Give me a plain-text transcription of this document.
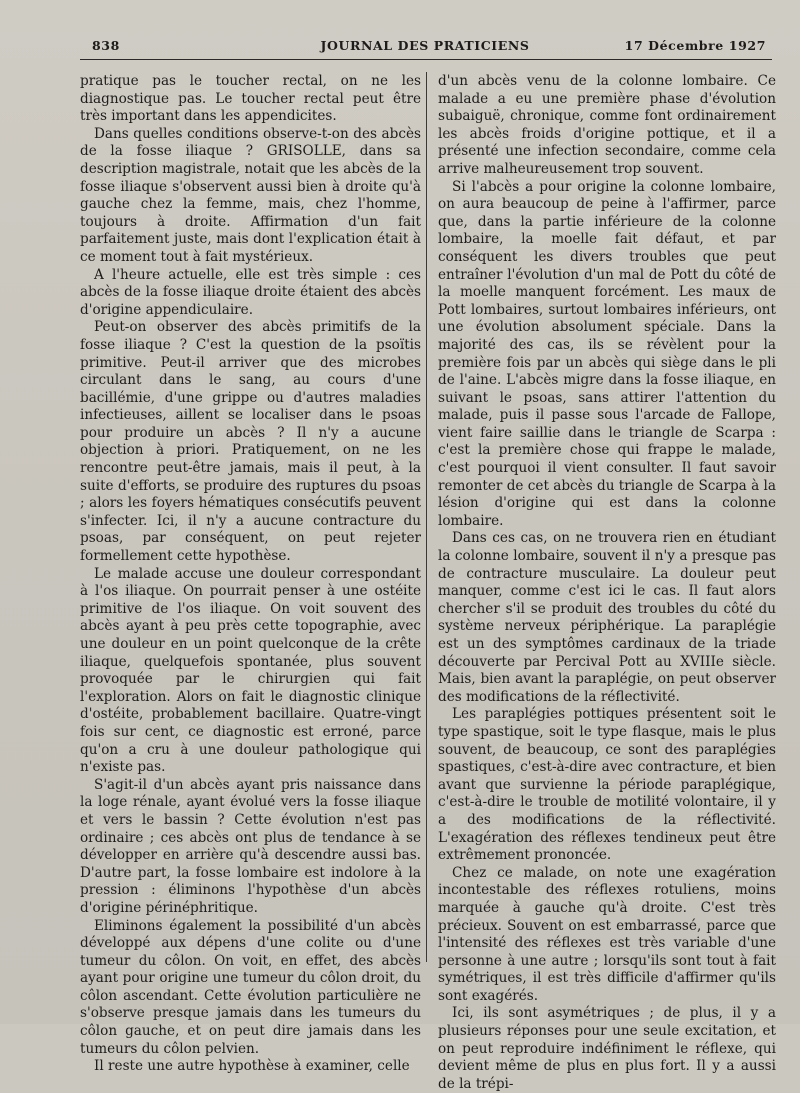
838	JOURNAL DES PRATICIENS	17 Décembre 1927

pratique pas le toucher rectal, on ne les diagnostique pas. Le toucher rectal peut être très important dans les appendicites.

Dans quelles conditions observe-t-on des abcès de la fosse iliaque ? GRISOLLE, dans sa description magistrale, notait que les abcès de la fosse iliaque s'observent aussi bien à droite qu'à gauche chez la femme, mais, chez l'homme, toujours à droite. Affirmation d'un fait parfaitement juste, mais dont l'explication était à ce moment tout à fait mystérieux.

A l'heure actuelle, elle est très simple : ces abcès de la fosse iliaque droite étaient des abcès d'origine appendiculaire.

Peut-on observer des abcès primitifs de la fosse iliaque ? C'est la question de la psoïtis primitive. Peut-il arriver que des microbes circulant dans le sang, au cours d'une bacillémie, d'une grippe ou d'autres maladies infectieuses, aillent se localiser dans le psoas pour produire un abcès ? Il n'y a aucune objection à priori. Pratiquement, on ne les rencontre peut-être jamais, mais il peut, à la suite d'efforts, se produire des ruptures du psoas ; alors les foyers hématiques consécutifs peuvent s'infecter. Ici, il n'y a aucune contracture du psoas, par conséquent, on peut rejeter formellement cette hypothèse.

Le malade accuse une douleur correspondant à l'os iliaque. On pourrait penser à une ostéite primitive de l'os iliaque. On voit souvent des abcès ayant à peu près cette topographie, avec une douleur en un point quelconque de la crête iliaque, quelquefois spontanée, plus souvent provoquée par le chirurgien qui fait l'exploration. Alors on fait le diagnostic clinique d'ostéite, probablement bacillaire. Quatre-vingt fois sur cent, ce diagnostic est erroné, parce qu'on a cru à une douleur pathologique qui n'existe pas.

S'agit-il d'un abcès ayant pris naissance dans la loge rénale, ayant évolué vers la fosse iliaque et vers le bassin ? Cette évolution n'est pas ordinaire ; ces abcès ont plus de tendance à se développer en arrière qu'à descendre aussi bas. D'autre part, la fosse lombaire est indolore à la pression : éliminons l'hypothèse d'un abcès d'origine périnéphritique.

Eliminons également la possibilité d'un abcès développé aux dépens d'une colite ou d'une tumeur du côlon. On voit, en effet, des abcès ayant pour origine une tumeur du côlon droit, du côlon ascendant. Cette évolution particulière ne s'observe presque jamais dans les tumeurs du côlon gauche, et on peut dire jamais dans les tumeurs du côlon pelvien.

Il reste une autre hypothèse à examiner, celle

d'un abcès venu de la colonne lombaire. Ce malade a eu une première phase d'évolution subaiguë, chronique, comme font ordinairement les abcès froids d'origine pottique, et il a présenté une infection secondaire, comme cela arrive malheureusement trop souvent.

Si l'abcès a pour origine la colonne lombaire, on aura beaucoup de peine à l'affirmer, parce que, dans la partie inférieure de la colonne lombaire, la moelle fait défaut, et par conséquent les divers troubles que peut entraîner l'évolution d'un mal de Pott du côté de la moelle manquent forcément. Les maux de Pott lombaires, surtout lombaires inférieurs, ont une évolution absolument spéciale. Dans la majorité des cas, ils se révèlent pour la première fois par un abcès qui siège dans le pli de l'aine. L'abcès migre dans la fosse iliaque, en suivant le psoas, sans attirer l'attention du malade, puis il passe sous l'arcade de Fallope, vient faire saillie dans le triangle de Scarpa : c'est la première chose qui frappe le malade, c'est pourquoi il vient consulter. Il faut savoir remonter de cet abcès du triangle de Scarpa à la lésion d'origine qui est dans la colonne lombaire.

Dans ces cas, on ne trouvera rien en étudiant la colonne lombaire, souvent il n'y a presque pas de contracture musculaire. La douleur peut manquer, comme c'est ici le cas. Il faut alors chercher s'il se produit des troubles du côté du système nerveux périphérique. La paraplégie est un des symptômes cardinaux de la triade découverte par Percival Pott au XVIIIe siècle. Mais, bien avant la paraplégie, on peut observer des modifications de la réflectivité.

Les paraplégies pottiques présentent soit le type spastique, soit le type flasque, mais le plus souvent, de beaucoup, ce sont des paraplégies spastiques, c'est-à-dire avec contracture, et bien avant que survienne la période paraplégique, c'est-à-dire le trouble de motilité volontaire, il y a des modifications de la réflectivité. L'exagération des réflexes tendineux peut être extrêmement prononcée.

Chez ce malade, on note une exagération incontestable des réflexes rotuliens, moins marquée à gauche qu'à droite. C'est très précieux. Souvent on est embarrassé, parce que l'intensité des réflexes est très variable d'une personne à une autre ; lorsqu'ils sont tout à fait symétriques, il est très difficile d'affirmer qu'ils sont exagérés.

Ici, ils sont asymétriques ; de plus, il y a plusieurs réponses pour une seule excitation, et on peut reproduire indéfiniment le réflexe, qui devient même de plus en plus fort. Il y a aussi de la trépi-
